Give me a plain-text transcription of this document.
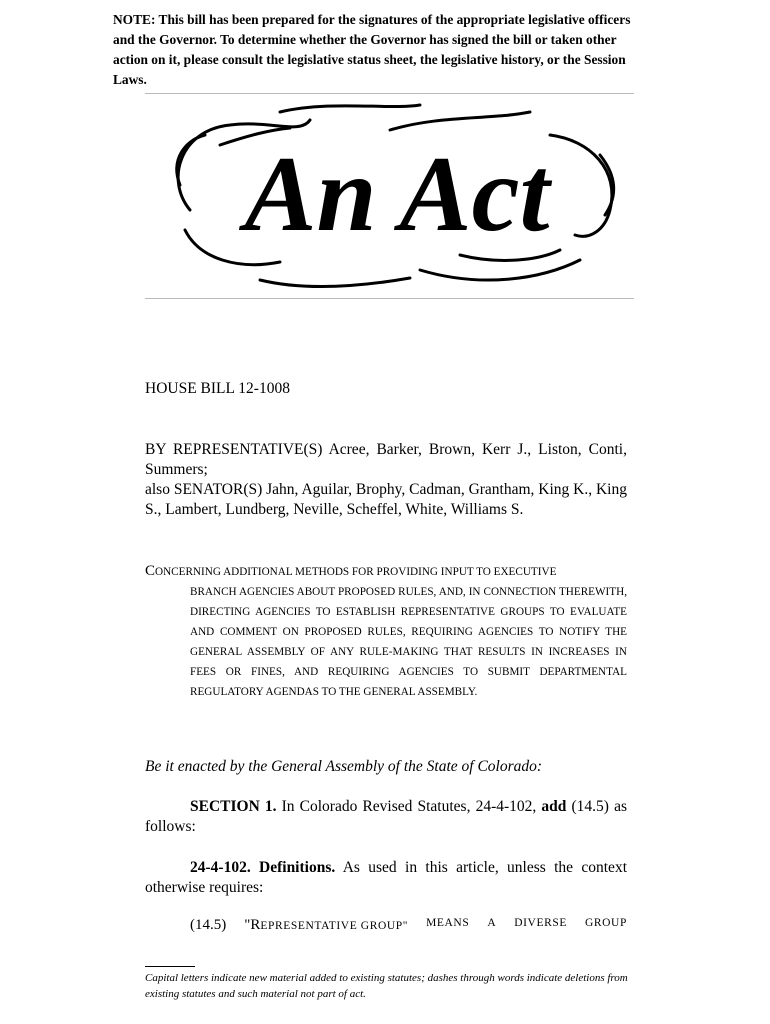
NOTE: This bill has been prepared for the signatures of the appropriate legislative officers and the Governor. To determine whether the Governor has signed the bill or taken other action on it, please consult the legislative status sheet, the legislative history, or the Session Laws.
An Act
HOUSE BILL 12-1008
BY REPRESENTATIVE(S) Acree, Barker, Brown, Kerr J., Liston, Conti, Summers;
also SENATOR(S) Jahn, Aguilar, Brophy, Cadman, Grantham, King K., King S., Lambert, Lundberg, Neville, Scheffel, White, Williams S.
CONCERNING ADDITIONAL METHODS FOR PROVIDING INPUT TO EXECUTIVE
BRANCH AGENCIES ABOUT PROPOSED RULES, AND, IN CONNECTION THEREWITH, DIRECTING AGENCIES TO ESTABLISH REPRESENTATIVE GROUPS TO EVALUATE AND COMMENT ON PROPOSED RULES, REQUIRING AGENCIES TO NOTIFY THE GENERAL ASSEMBLY OF ANY RULE-MAKING THAT RESULTS IN INCREASES IN FEES OR FINES, AND REQUIRING AGENCIES TO SUBMIT DEPARTMENTAL REGULATORY AGENDAS TO THE GENERAL ASSEMBLY.
Be it enacted by the General Assembly of the State of Colorado:
SECTION 1. In Colorado Revised Statutes, 24-4-102, add (14.5) as follows:
24-4-102. Definitions. As used in this article, unless the context otherwise requires:
(14.5) "REPRESENTATIVE GROUP" MEANS A DIVERSE GROUP
Capital letters indicate new material added to existing statutes; dashes through words indicate deletions from existing statutes and such material not part of act.
